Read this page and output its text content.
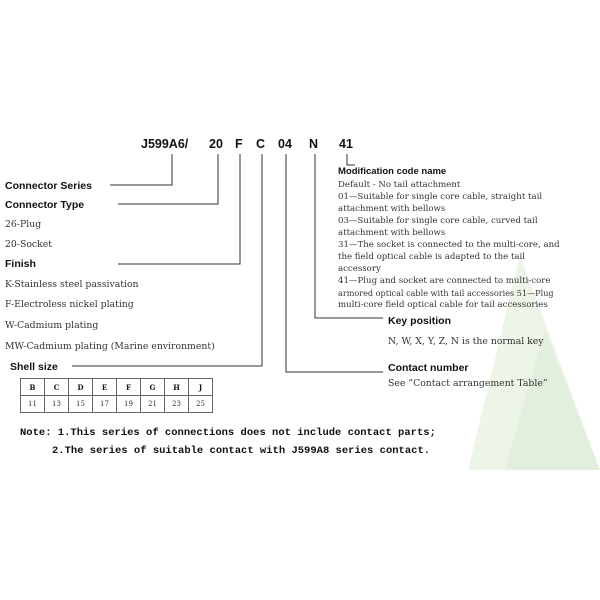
J599A6/ 20 F C 04 N 41
Connector Series
Connector Type
26-Plug
20-Socket
Finish
K-Stainless steel passivation
F-Electroless nickel plating
W-Cadmium plating
MW-Cadmium plating (Marine environment)
Shell size
B	C	D	E	F	G	H	J
11	13	15	17	19	21	23	25
Modification code name
Default - No tail attachment
01—Suitable for single core cable, straight tail
attachment with bellows
03—Suitable for single core cable, curved tail
attachment with bellows
31—The socket is connected to the multi-core, and
the field optical cable is adapted to the tail
accessory
41—Plug and socket are connected to multi-core
armored optical cable with tail accessories 51—Plug
multi-core field optical cable for tail accessories
Key position
N, W, X, Y, Z, N is the normal key
Contact number
See ”Contact arrangement Table”
Note: 1.This series of connections does not include contact parts;
2.The series of suitable contact with J599A8 series contact.
